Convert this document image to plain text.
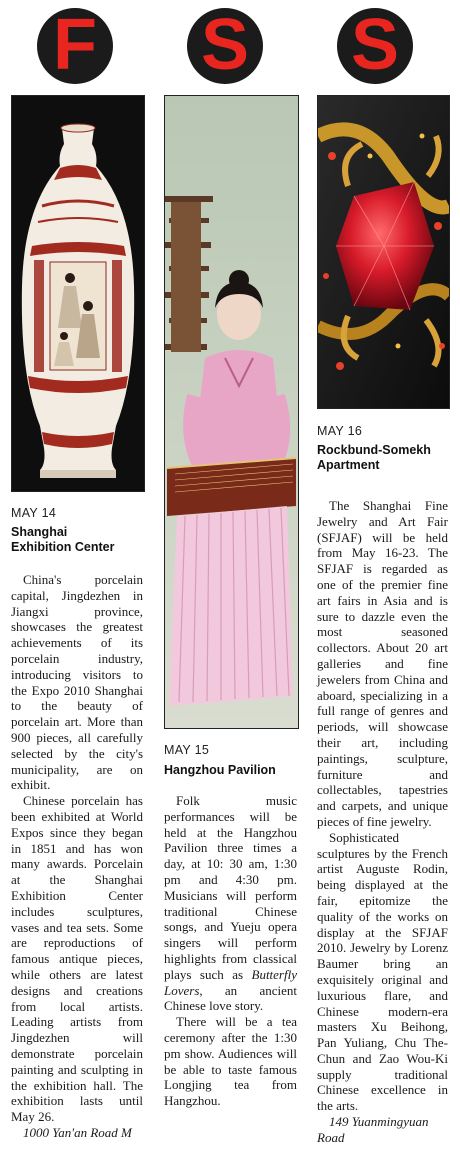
F S S
MAY 14
Shanghai
Exhibition Center

China's porcelain capital, Jingdezhen in Jiangxi province, showcases the greatest achievements of its porcelain industry, introducing visitors to the Expo 2010 Shanghai to the beauty of porcelain art. More than 900 pieces, all carefully selected by the city's municipality, are on exhibit.

Chinese porcelain has been exhibited at World Expos since they began in 1851 and has won many awards. Porcelain at the Shanghai Exhibition Center includes sculptures, vases and tea sets. Some are reproductions of famous antique pieces, while others are latest designs and creations from local artists. Leading artists from Jingdezhen will demonstrate porcelain painting and sculpting in the exhibition hall. The exhibition lasts until May 26.

1000 Yan'an Road M

MAY 15
Hangzhou Pavilion

Folk music performances will be held at the Hangzhou Pavilion three times a day, at 10: 30 am, 1:30 pm and 4:30 pm. Musicians will perform traditional Chinese songs, and Yueju opera singers will perform highlights from classical plays such as Butterfly Lovers, an ancient Chinese love story.

There will be a tea ceremony after the 1:30 pm show. Audiences will be able to taste famous Longjing tea from Hangzhou.

MAY 16
Rockbund-Somekh
Apartment

The Shanghai Fine Jewelry and Art Fair (SFJAF) will be held from May 16-23. The SFJAF is regarded as one of the premier fine art fairs in Asia and is sure to dazzle even the most seasoned collectors. About 20 art galleries and fine jewelers from China and aboard, specializing in a full range of genres and periods, will showcase their art, including paintings, sculpture, furniture and collectables, tapestries and carpets, and unique pieces of fine jewelry.

Sophisticated sculptures by the French artist Auguste Rodin, being displayed at the fair, epitomize the quality of the works on display at the SFJAF 2010. Jewelry by Lorenz Baumer bring an exquisitely original and luxurious flare, and Chinese modern-era masters Xu Beihong, Pan Yuliang, Chu The-Chun and Zao Wou-Ki supply traditional Chinese excellence in the arts.

149 Yuanmingyuan Road
